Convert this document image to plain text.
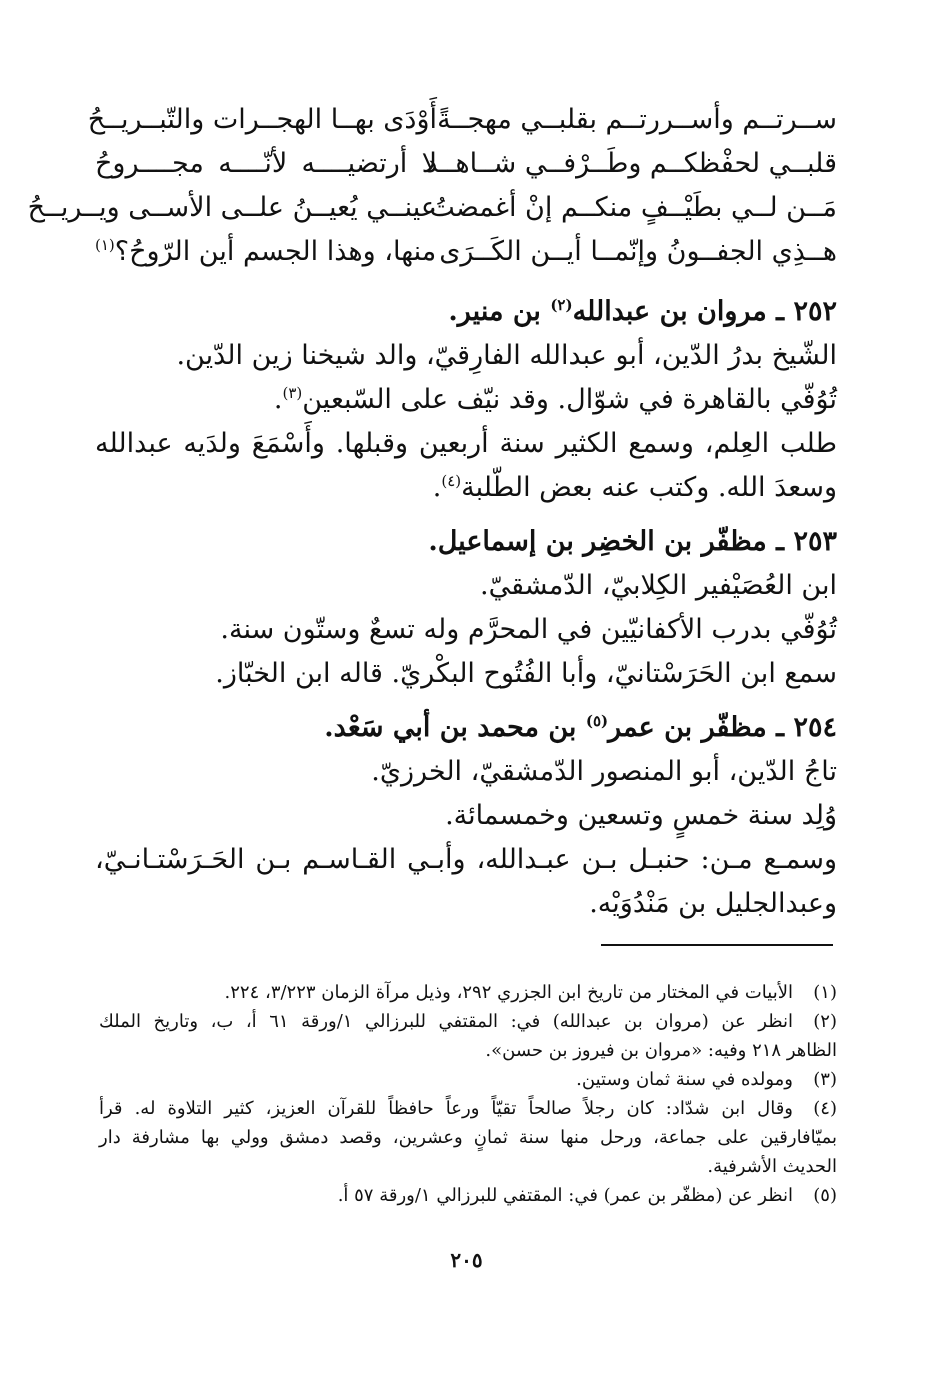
ســرتــم وأســررتــم بقلبــي مهجــةً
أَوْدَى بهــا الهجــرات والتّبــريــحُ
قلبــي لحفْظكــم وطَــرْفــي شــاهــد
لا أرتضيــــه لأنّــــه مجــــروحُ
مَــن لــي بطَيْــفٍ منكــم إنْ أغمضتُ
عينــي يُعيــنُ علــى الأســى ويــريــحُ
هــذِي الجفــونُ وإنّمــا أيــن الكَــرَى
منها، وهذا الجسم أين الرّوحُ؟$^{(١)}$
٢٥٢ ـ مروان بن عبدالله$^{(٢)}$ بن منير.
الشّيخ بدرُ الدّين، أبو عبدالله الفارِقيّ، والد شيخنا زين الدّين.
تُوُفّي بالقاهرة في شوّال. وقد نيّف على السّبعين$^{(٣)}$.
طلب العِلم، وسمع الكثير سنة أربعين وقبلها. وأَسْمَعَ ولدَيه عبدالله
وسعدَ الله. وكتب عنه بعض الطّلبة$^{(٤)}$.
٢٥٣ ـ مظفّر بن الخضِر بن إسماعيل.
ابن العُصَيْفير الكِلابيّ، الدّمشقيّ.
تُوُفّي بدرب الأكفانيّين في المحرَّم وله تسعٌ وستّون سنة.
سمع ابن الحَرَسْتانيّ، وأبا الفُتُوح البكْريّ. قاله ابن الخبّاز.
٢٥٤ ـ مظفّر بن عمر$^{(٥)}$ بن محمد بن أبي سَعْد.
تاجُ الدّين، أبو المنصور الدّمشقيّ، الخرزيّ.
وُلِد سنة خمسٍ وتسعين وخمسمائة.
وسمـع مـن: حنبـل بـن عبـدالله، وأبـي القـاسـم بـن الحَـرَسْتـانـيّ،
وعبدالجليل بن مَنْدُوَيْه.
(١)
الأبيات في المختار من تاريخ ابن الجزري ٢٩٢، وذيل مرآة الزمان ٣/٢٢٣، ٢٢٤.
(٢)
انظر عن (مروان بن عبدالله) في: المقتفي للبرزالي ١/ورقة ٦١ أ، ب، وتاريخ الملك
الظاهر ٢١٨ وفيه: «مروان بن فيروز بن حسن».
(٣)
ومولده في سنة ثمان وستين.
(٤)
وقال ابن شدّاد: كان رجلاً صالحاً تقيّاً ورعاً حافظاً للقرآن العزيز، كثير التلاوة له. قرأ
بميّافارقين على جماعة، ورحل منها سنة ثمانٍ وعشرين، وقصد دمشق وولي بها مشارفة دار
الحديث الأشرفية.
(٥)
انظر عن (مظفّر بن عمر) في: المقتفي للبرزالي ١/ورقة ٥٧ أ.
٢٠٥
